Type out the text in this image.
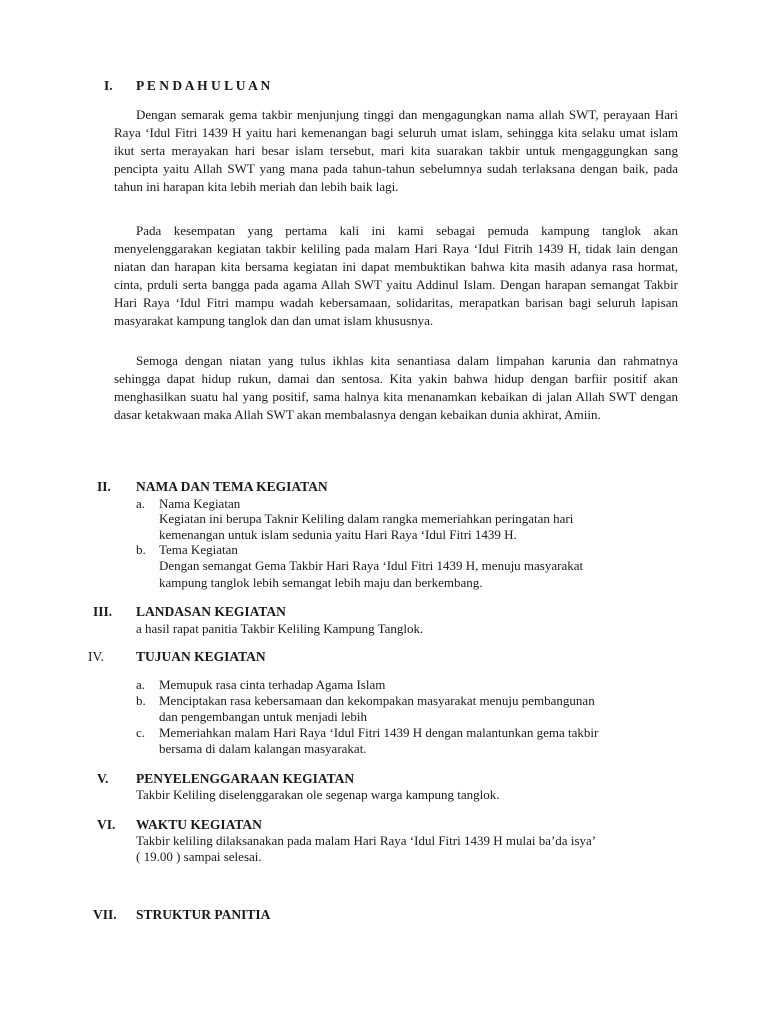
I. P E N D A H U L U A N

Dengan semarak gema takbir menjunjung tinggi dan mengagungkan nama allah SWT, perayaan Hari Raya ‘Idul Fitri 1439 H yaitu hari kemenangan bagi seluruh umat islam, sehingga kita selaku umat islam ikut serta merayakan hari besar islam tersebut, mari kita suarakan takbir untuk mengaggungkan sang pencipta yaitu Allah SWT yang mana pada tahun-tahun sebelumnya sudah terlaksana dengan baik, pada tahun ini harapan kita lebih meriah dan lebih baik lagi.

Pada kesempatan yang pertama kali ini kami sebagai pemuda kampung tanglok akan menyelenggarakan kegiatan takbir keliling pada malam Hari Raya ‘Idul Fitrih 1439 H, tidak lain dengan niatan dan harapan kita bersama kegiatan ini dapat membuktikan bahwa kita masih adanya rasa hormat, cinta, prduli serta bangga pada agama Allah SWT yaitu Addinul Islam. Dengan harapan semangat Takbir Hari Raya ‘Idul Fitri mampu wadah kebersamaan, solidaritas, merapatkan barisan bagi seluruh lapisan masyarakat kampung tanglok dan dan umat islam khususnya.

Semoga dengan niatan yang tulus ikhlas kita senantiasa dalam limpahan karunia dan rahmatnya sehingga dapat hidup rukun, damai dan sentosa. Kita yakin bahwa hidup dengan barfiir positif akan menghasilkan suatu hal yang positif, sama halnya kita menanamkan kebaikan di jalan Allah SWT dengan dasar ketakwaan maka Allah SWT akan membalasnya dengan kebaikan dunia akhirat, Amiin.

II. NAMA DAN TEMA KEGIATAN
a. Nama Kegiatan
Kegiatan ini berupa Taknir Keliling dalam rangka memeriahkan peringatan hari
kemenangan untuk islam sedunia yaitu Hari Raya ‘Idul Fitri 1439 H.
b. Tema Kegiatan
Dengan semangat Gema Takbir Hari Raya ‘Idul Fitri 1439 H, menuju masyarakat
kampung tanglok lebih semangat lebih maju dan berkembang.
III. LANDASAN KEGIATAN
a hasil rapat panitia Takbir Keliling Kampung Tanglok.
IV. TUJUAN KEGIATAN
a. Memupuk rasa cinta terhadap Agama Islam
b. Menciptakan rasa kebersamaan dan kekompakan masyarakat menuju pembangunan
dan pengembangan untuk menjadi lebih
c. Memeriahkan malam Hari Raya ‘Idul Fitri 1439 H dengan malantunkan gema takbir
bersama di dalam kalangan masyarakat.
V. PENYELENGGARAAN KEGIATAN
Takbir Keliling diselenggarakan ole segenap warga kampung tanglok.
VI. WAKTU KEGIATAN
Takbir keliling dilaksanakan pada malam Hari Raya ‘Idul Fitri 1439 H mulai ba’da isya’
( 19.00 ) sampai selesai.
VII. STRUKTUR PANITIA
